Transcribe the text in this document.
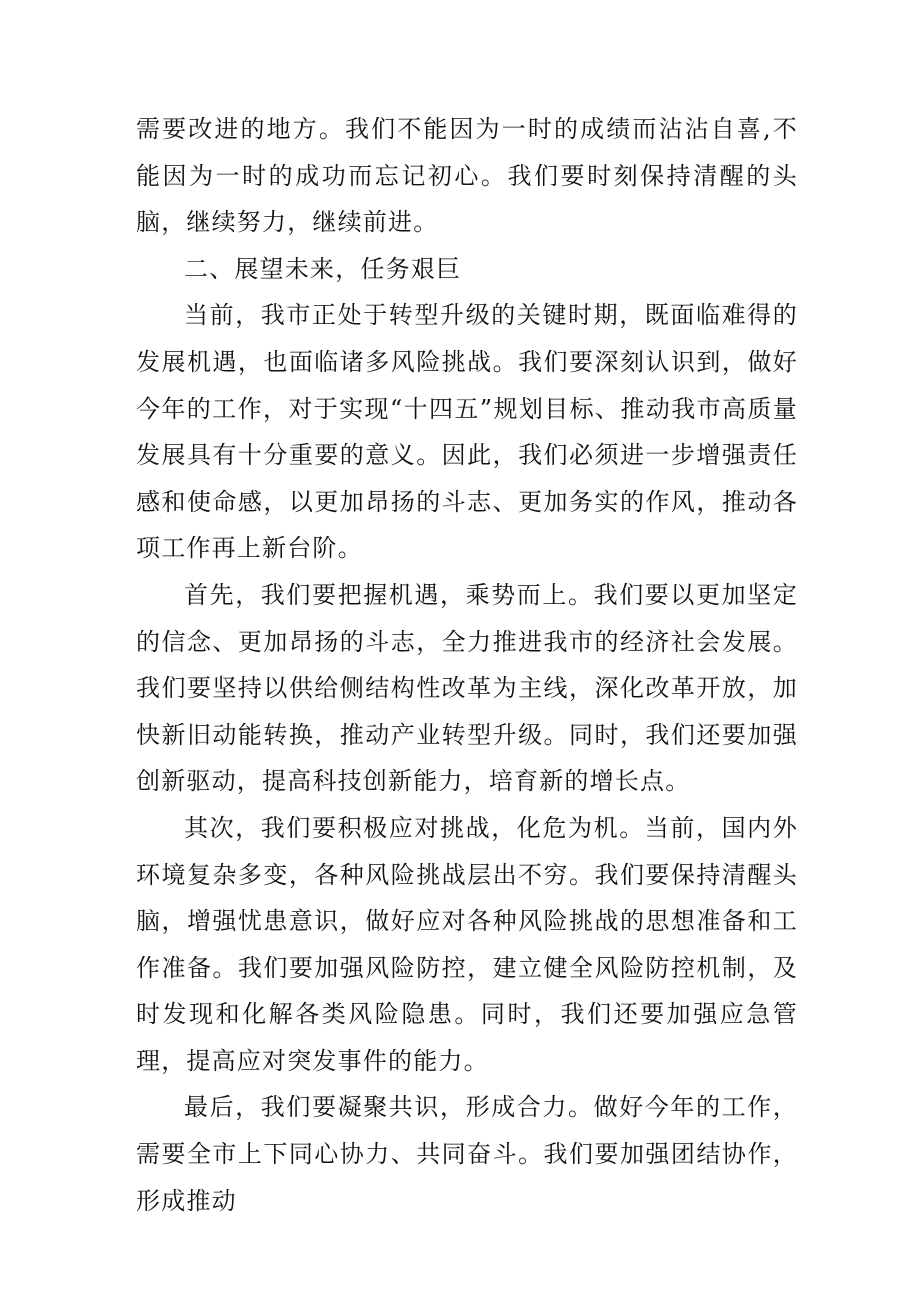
需要改进的地方。我们不能因为一时的成绩而沾沾自喜,不能因为一时的成功而忘记初心。我们要时刻保持清醒的头脑，继续努力，继续前进。

二、展望未来，任务艰巨

当前，我市正处于转型升级的关键时期，既面临难得的发展机遇，也面临诸多风险挑战。我们要深刻认识到，做好今年的工作，对于实现“十四五”规划目标、推动我市高质量发展具有十分重要的意义。因此，我们必须进一步增强责任感和使命感，以更加昂扬的斗志、更加务实的作风，推动各项工作再上新台阶。

首先，我们要把握机遇，乘势而上。我们要以更加坚定的信念、更加昂扬的斗志，全力推进我市的经济社会发展。我们要坚持以供给侧结构性改革为主线，深化改革开放，加快新旧动能转换，推动产业转型升级。同时，我们还要加强创新驱动，提高科技创新能力，培育新的增长点。

其次，我们要积极应对挑战，化危为机。当前，国内外环境复杂多变，各种风险挑战层出不穷。我们要保持清醒头脑，增强忧患意识，做好应对各种风险挑战的思想准备和工作准备。我们要加强风险防控，建立健全风险防控机制，及时发现和化解各类风险隐患。同时，我们还要加强应急管理，提高应对突发事件的能力。

最后，我们要凝聚共识，形成合力。做好今年的工作，需要全市上下同心协力、共同奋斗。我们要加强团结协作，形成推动
